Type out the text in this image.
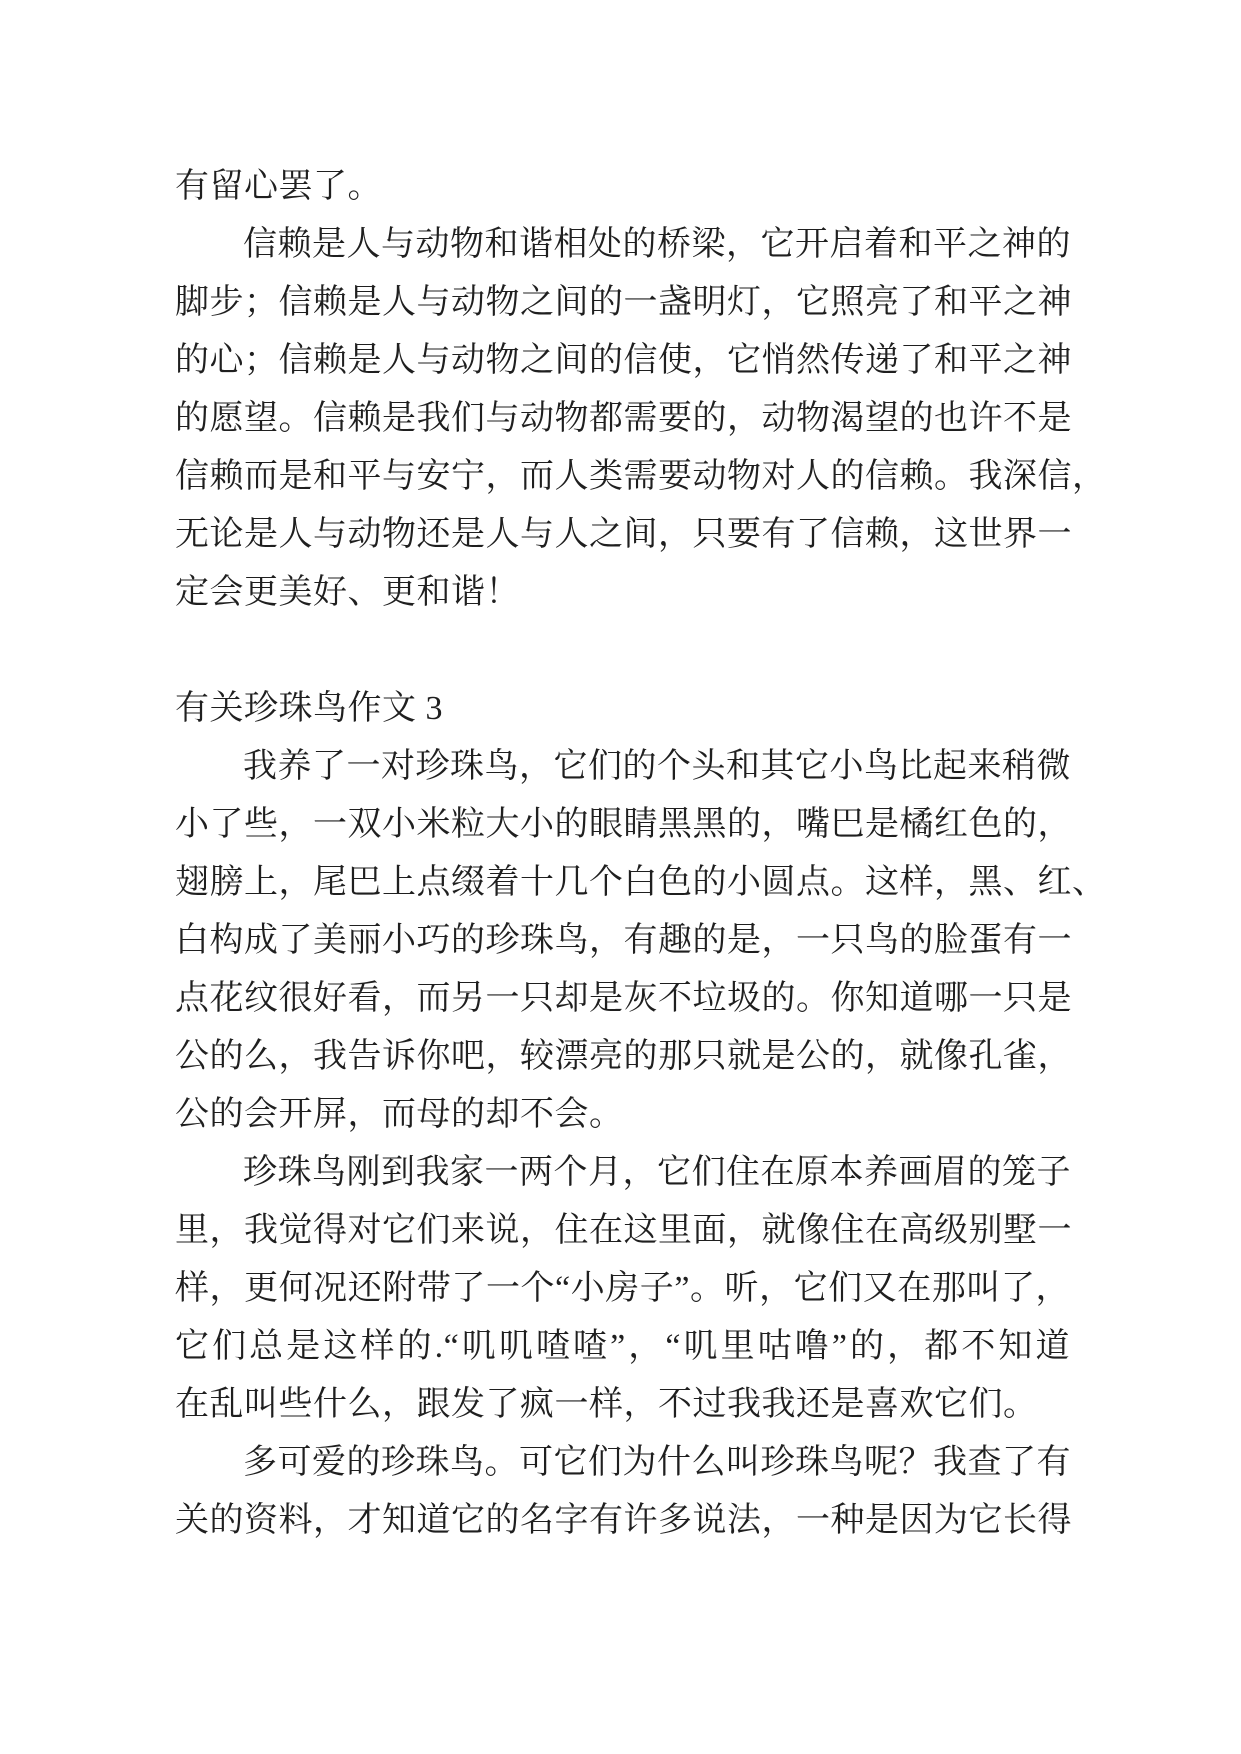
有留心罢了。
信赖是人与动物和谐相处的桥梁，它开启着和平之神的
脚步；信赖是人与动物之间的一盏明灯，它照亮了和平之神
的心；信赖是人与动物之间的信使，它悄然传递了和平之神
的愿望。信赖是我们与动物都需要的，动物渴望的也许不是
信赖而是和平与安宁，而人类需要动物对人的信赖。我深信，
无论是人与动物还是人与人之间，只要有了信赖，这世界一
定会更美好、更和谐！

有关珍珠鸟作文 3
我养了一对珍珠鸟，它们的个头和其它小鸟比起来稍微
小了些，一双小米粒大小的眼睛黑黑的，嘴巴是橘红色的，
翅膀上，尾巴上点缀着十几个白色的小圆点。这样，黑、红、
白构成了美丽小巧的珍珠鸟，有趣的是，一只鸟的脸蛋有一
点花纹很好看，而另一只却是灰不垃圾的。你知道哪一只是
公的么，我告诉你吧，较漂亮的那只就是公的，就像孔雀，
公的会开屏，而母的却不会。
珍珠鸟刚到我家一两个月，它们住在原本养画眉的笼子
里，我觉得对它们来说，住在这里面，就像住在高级别墅一
样，更何况还附带了一个“小房子”。听，它们又在那叫了，
它们总是这样的.“叽叽喳喳”，“叽里咕噜”的，都不知道
在乱叫些什么，跟发了疯一样，不过我我还是喜欢它们。
多可爱的珍珠鸟。可它们为什么叫珍珠鸟呢？我查了有
关的资料，才知道它的名字有许多说法，一种是因为它长得
